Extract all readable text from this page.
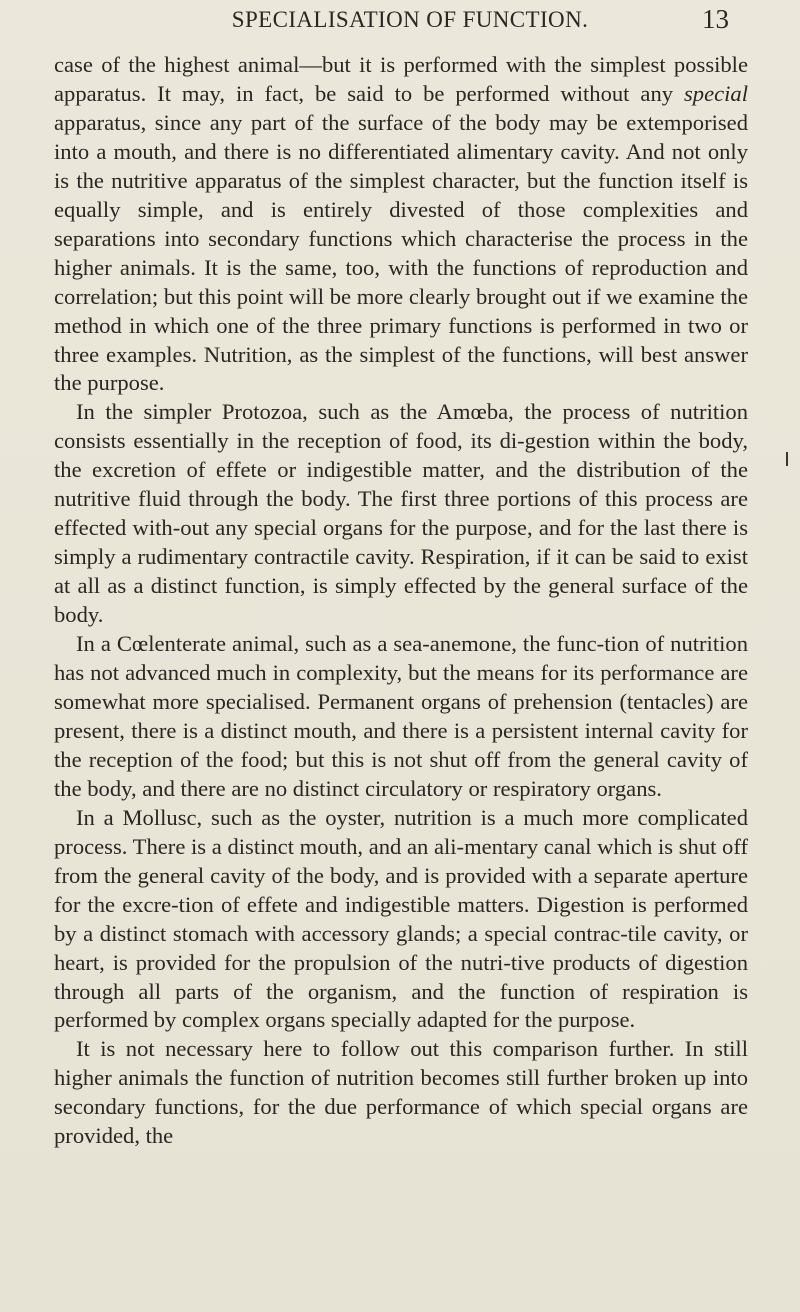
SPECIALISATION OF FUNCTION.	13

case of the highest animal—but it is performed with the simplest possible apparatus. It may, in fact, be said to be performed without any special apparatus, since any part of the surface of the body may be extemporised into a mouth, and there is no differentiated alimentary cavity. And not only is the nutritive apparatus of the simplest character, but the function itself is equally simple, and is entirely divested of those complexities and separations into secondary functions which characterise the process in the higher animals. It is the same, too, with the functions of reproduction and correlation; but this point will be more clearly brought out if we examine the method in which one of the three primary functions is performed in two or three examples. Nutrition, as the simplest of the functions, will best answer the purpose.

In the simpler Protozoa, such as the Amœba, the process of nutrition consists essentially in the reception of food, its di-gestion within the body, the excretion of effete or indigestible matter, and the distribution of the nutritive fluid through the body. The first three portions of this process are effected with-out any special organs for the purpose, and for the last there is simply a rudimentary contractile cavity. Respiration, if it can be said to exist at all as a distinct function, is simply effected by the general surface of the body.

In a Cœlenterate animal, such as a sea-anemone, the func-tion of nutrition has not advanced much in complexity, but the means for its performance are somewhat more specialised. Permanent organs of prehension (tentacles) are present, there is a distinct mouth, and there is a persistent internal cavity for the reception of the food; but this is not shut off from the general cavity of the body, and there are no distinct circulatory or respiratory organs.

In a Mollusc, such as the oyster, nutrition is a much more complicated process. There is a distinct mouth, and an ali-mentary canal which is shut off from the general cavity of the body, and is provided with a separate aperture for the excre-tion of effete and indigestible matters. Digestion is performed by a distinct stomach with accessory glands; a special contrac-tile cavity, or heart, is provided for the propulsion of the nutri-tive products of digestion through all parts of the organism, and the function of respiration is performed by complex organs specially adapted for the purpose.

It is not necessary here to follow out this comparison further. In still higher animals the function of nutrition becomes still further broken up into secondary functions, for the due performance of which special organs are provided, the
